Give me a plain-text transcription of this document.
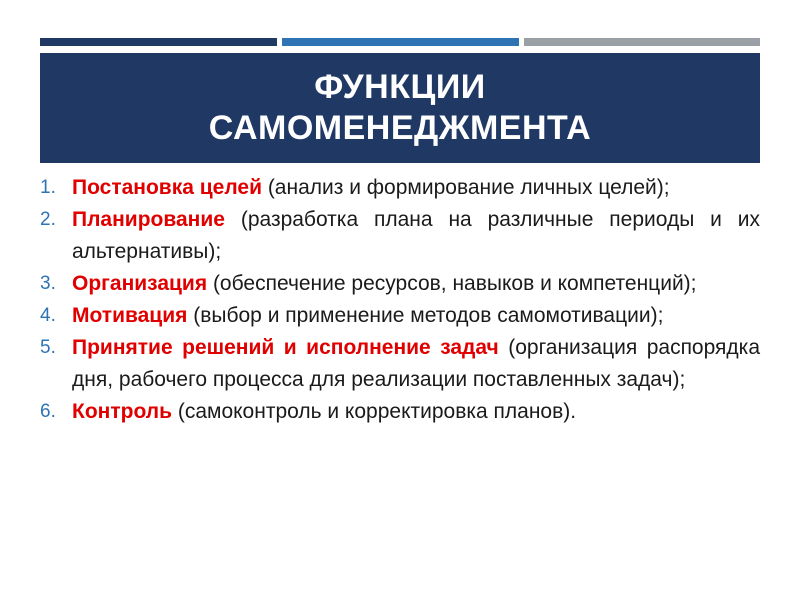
ФУНКЦИИ
САМОМЕНЕДЖМЕНТА
1. Постановка целей (анализ и формирование личных целей);
2. Планирование (разработка плана на различные периоды и их альтернативы);
3. Организация (обеспечение ресурсов, навыков и компетенций);
4. Мотивация (выбор и применение методов самомотивации);
5. Принятие решений и исполнение задач (организация распорядка дня, рабочего процесса для реализации поставленных задач);
6. Контроль (самоконтроль и корректировка планов).
